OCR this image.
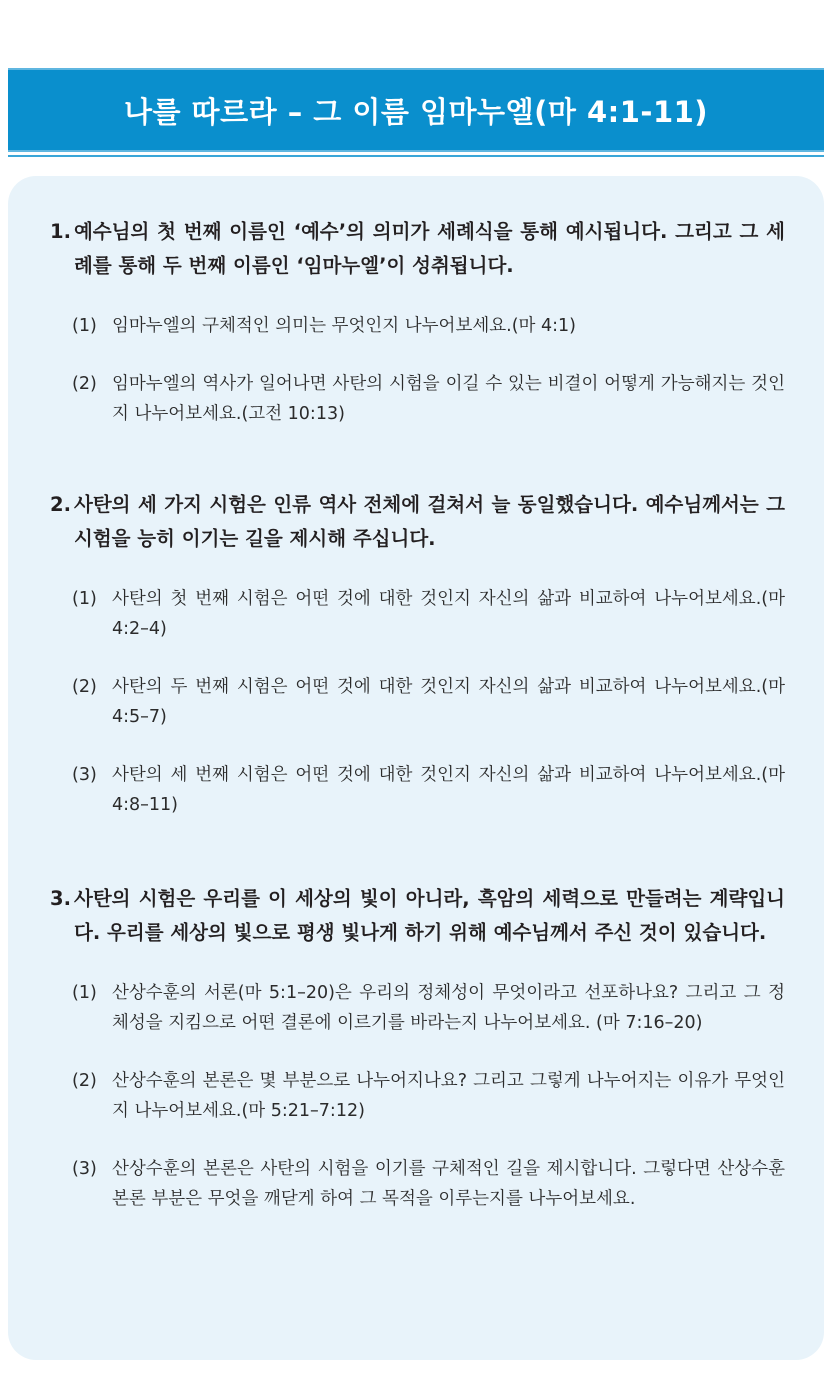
나를 따르라 – 그 이름 임마누엘(마 4:1-11)
1. 예수님의 첫 번째 이름인 ‘예수’의 의미가 세례식을 통해 예시됩니다. 그리고 그 세례를 통해 두 번째 이름인 ‘임마누엘’이 성취됩니다.
(1) 임마누엘의 구체적인 의미는 무엇인지 나누어보세요.(마 4:1)
(2) 임마누엘의 역사가 일어나면 사탄의 시험을 이길 수 있는 비결이 어떻게 가능해지는 것인지 나누어보세요.(고전 10:13)
2. 사탄의 세 가지 시험은 인류 역사 전체에 걸쳐서 늘 동일했습니다. 예수님께서는 그 시험을 능히 이기는 길을 제시해 주십니다.
(1) 사탄의 첫 번째 시험은 어떤 것에 대한 것인지 자신의 삶과 비교하여 나누어보세요.(마 4:2–4)
(2) 사탄의 두 번째 시험은 어떤 것에 대한 것인지 자신의 삶과 비교하여 나누어보세요.(마 4:5–7)
(3) 사탄의 세 번째 시험은 어떤 것에 대한 것인지 자신의 삶과 비교하여 나누어보세요.(마 4:8–11)
3. 사탄의 시험은 우리를 이 세상의 빛이 아니라, 흑암의 세력으로 만들려는 계략입니다. 우리를 세상의 빛으로 평생 빛나게 하기 위해 예수님께서 주신 것이 있습니다.
(1) 산상수훈의 서론(마 5:1–20)은 우리의 정체성이 무엇이라고 선포하나요? 그리고 그 정체성을 지킴으로 어떤 결론에 이르기를 바라는지 나누어보세요. (마 7:16–20)
(2) 산상수훈의 본론은 몇 부분으로 나누어지나요? 그리고 그렇게 나누어지는 이유가 무엇인지 나누어보세요.(마 5:21–7:12)
(3) 산상수훈의 본론은 사탄의 시험을 이기를 구체적인 길을 제시합니다. 그렇다면 산상수훈 본론 부분은 무엇을 깨닫게 하여 그 목적을 이루는지를 나누어보세요.
